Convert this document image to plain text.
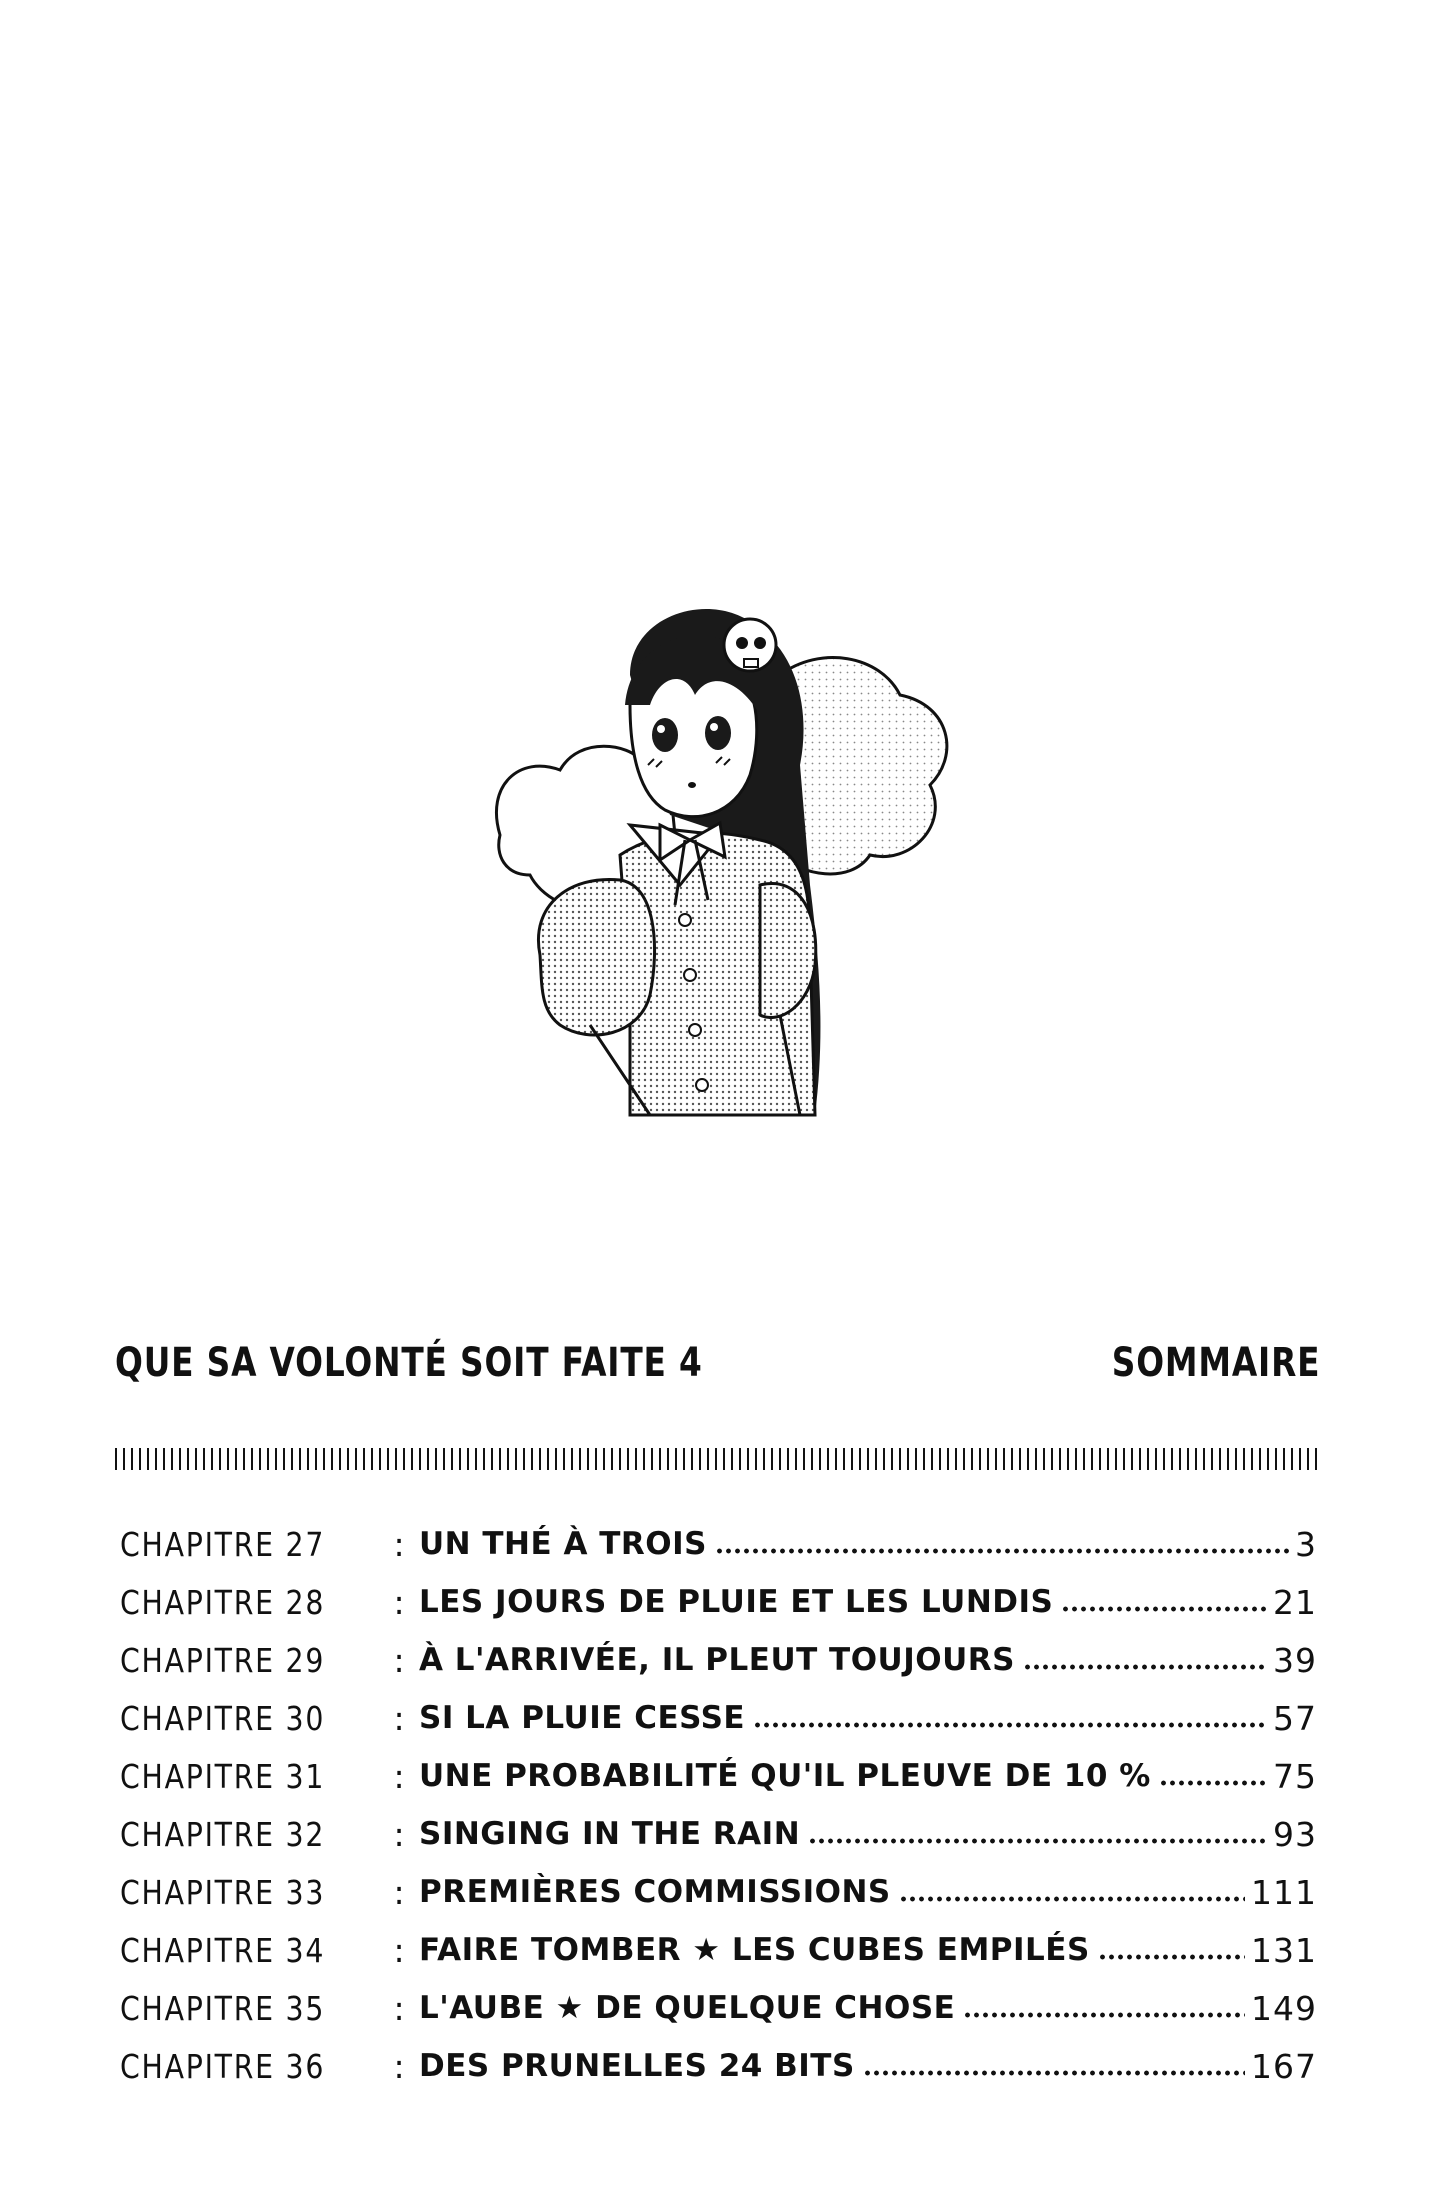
QUE SA VOLONTÉ SOIT FAITE 4	SOMMAIRE
CHAPITRE 27	: UN THÉ À TROIS	3
CHAPITRE 28	: LES JOURS DE PLUIE ET LES LUNDIS	21
CHAPITRE 29	: À L'ARRIVÉE, IL PLEUT TOUJOURS	39
CHAPITRE 30	: SI LA PLUIE CESSE	57
CHAPITRE 31	: UNE PROBABILITÉ QU'IL PLEUVE DE 10 %	75
CHAPITRE 32	: SINGING IN THE RAIN	93
CHAPITRE 33	: PREMIÈRES COMMISSIONS	111
CHAPITRE 34	: FAIRE TOMBER ★ LES CUBES EMPILÉS	131
CHAPITRE 35	: L'AUBE ★ DE QUELQUE CHOSE	149
CHAPITRE 36	: DES PRUNELLES 24 BITS	167
